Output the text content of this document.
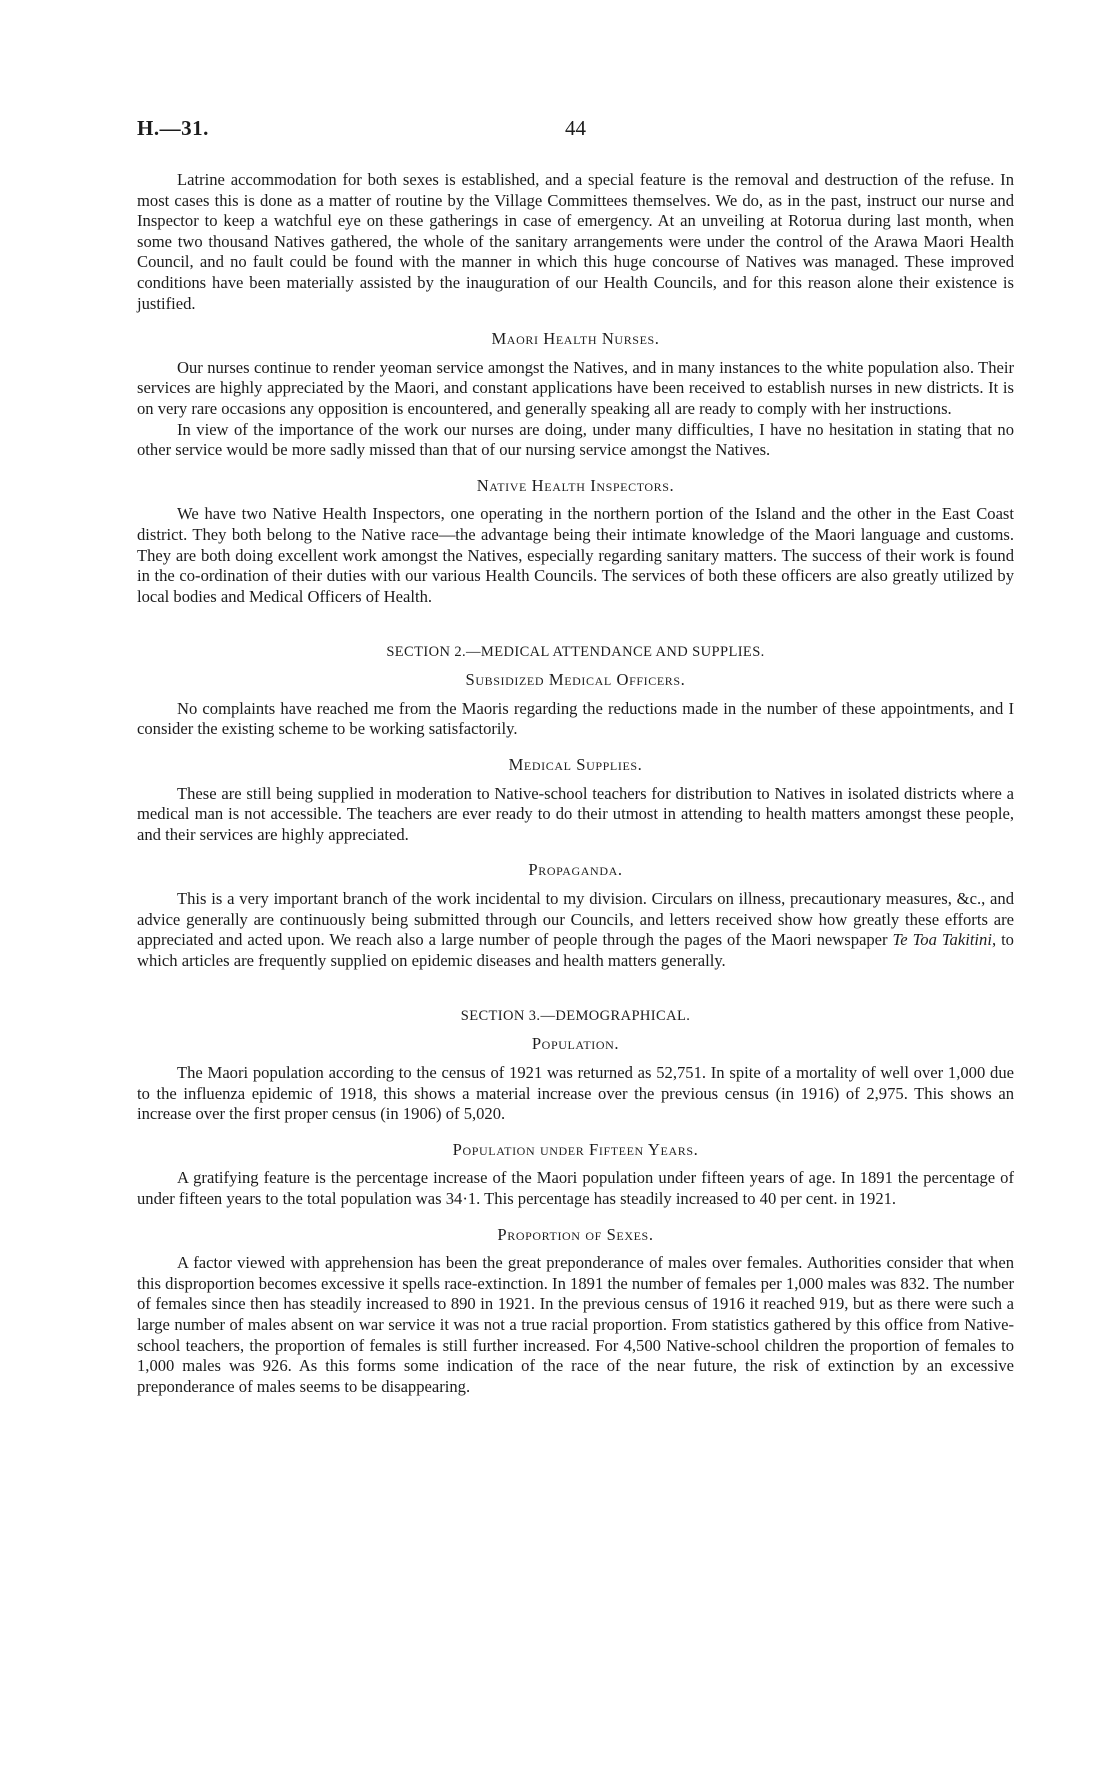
H.—31.	44

Latrine accommodation for both sexes is established, and a special feature is the removal and destruction of the refuse. In most cases this is done as a matter of routine by the Village Committees themselves. We do, as in the past, instruct our nurse and Inspector to keep a watchful eye on these gatherings in case of emergency. At an unveiling at Rotorua during last month, when some two thousand Natives gathered, the whole of the sanitary arrangements were under the control of the Arawa Maori Health Council, and no fault could be found with the manner in which this huge concourse of Natives was managed. These improved conditions have been materially assisted by the inauguration of our Health Councils, and for this reason alone their existence is justified.

Maori Health Nurses.

Our nurses continue to render yeoman service amongst the Natives, and in many instances to the white population also. Their services are highly appreciated by the Maori, and constant applications have been received to establish nurses in new districts. It is on very rare occasions any opposition is encountered, and generally speaking all are ready to comply with her instructions.

In view of the importance of the work our nurses are doing, under many difficulties, I have no hesitation in stating that no other service would be more sadly missed than that of our nursing service amongst the Natives.

Native Health Inspectors.

We have two Native Health Inspectors, one operating in the northern portion of the Island and the other in the East Coast district. They both belong to the Native race—the advantage being their intimate knowledge of the Maori language and customs. They are both doing excellent work amongst the Natives, especially regarding sanitary matters. The success of their work is found in the co-ordination of their duties with our various Health Councils. The services of both these officers are also greatly utilized by local bodies and Medical Officers of Health.

SECTION 2.—MEDICAL ATTENDANCE AND SUPPLIES.
Subsidized Medical Officers.

No complaints have reached me from the Maoris regarding the reductions made in the number of these appointments, and I consider the existing scheme to be working satisfactorily.

Medical Supplies.

These are still being supplied in moderation to Native-school teachers for distribution to Natives in isolated districts where a medical man is not accessible. The teachers are ever ready to do their utmost in attending to health matters amongst these people, and their services are highly appreciated.

Propaganda.

This is a very important branch of the work incidental to my division. Circulars on illness, precautionary measures, &c., and advice generally are continuously being submitted through our Councils, and letters received show how greatly these efforts are appreciated and acted upon. We reach also a large number of people through the pages of the Maori newspaper Te Toa Takitini, to which articles are frequently supplied on epidemic diseases and health matters generally.

SECTION 3.—DEMOGRAPHICAL.
Population.

The Maori population according to the census of 1921 was returned as 52,751. In spite of a mortality of well over 1,000 due to the influenza epidemic of 1918, this shows a material increase over the previous census (in 1916) of 2,975. This shows an increase over the first proper census (in 1906) of 5,020.

Population under Fifteen Years.

A gratifying feature is the percentage increase of the Maori population under fifteen years of age. In 1891 the percentage of under fifteen years to the total population was 34·1. This percentage has steadily increased to 40 per cent. in 1921.

Proportion of Sexes.

A factor viewed with apprehension has been the great preponderance of males over females. Authorities consider that when this disproportion becomes excessive it spells race-extinction. In 1891 the number of females per 1,000 males was 832. The number of females since then has steadily increased to 890 in 1921. In the previous census of 1916 it reached 919, but as there were such a large number of males absent on war service it was not a true racial proportion. From statistics gathered by this office from Native-school teachers, the proportion of females is still further increased. For 4,500 Native-school children the proportion of females to 1,000 males was 926. As this forms some indication of the race of the near future, the risk of extinction by an excessive preponderance of males seems to be disappearing.
